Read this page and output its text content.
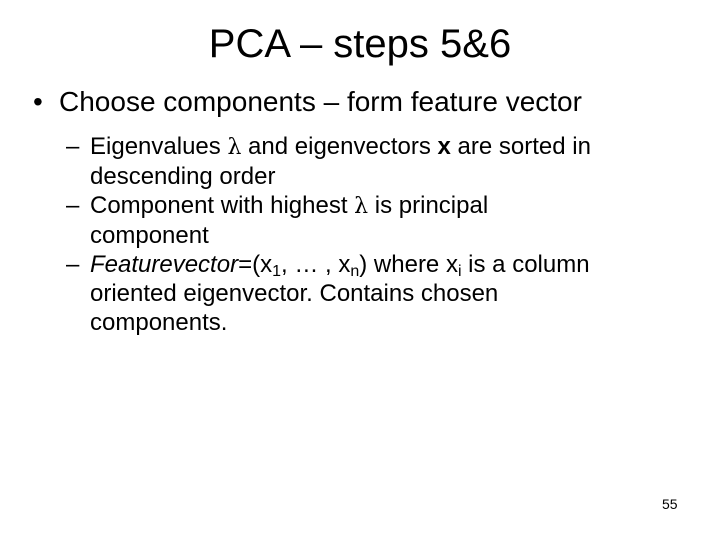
PCA – steps 5&6
• Choose components – form feature vector
– Eigenvalues λ and eigenvectors x are sorted in
descending order
– Component with highest λ is principal
component
– $Featurevector=(x_1$, … , $x_n$) where $x_i$ is a column
oriented eigenvector. Contains chosen
components.
55
